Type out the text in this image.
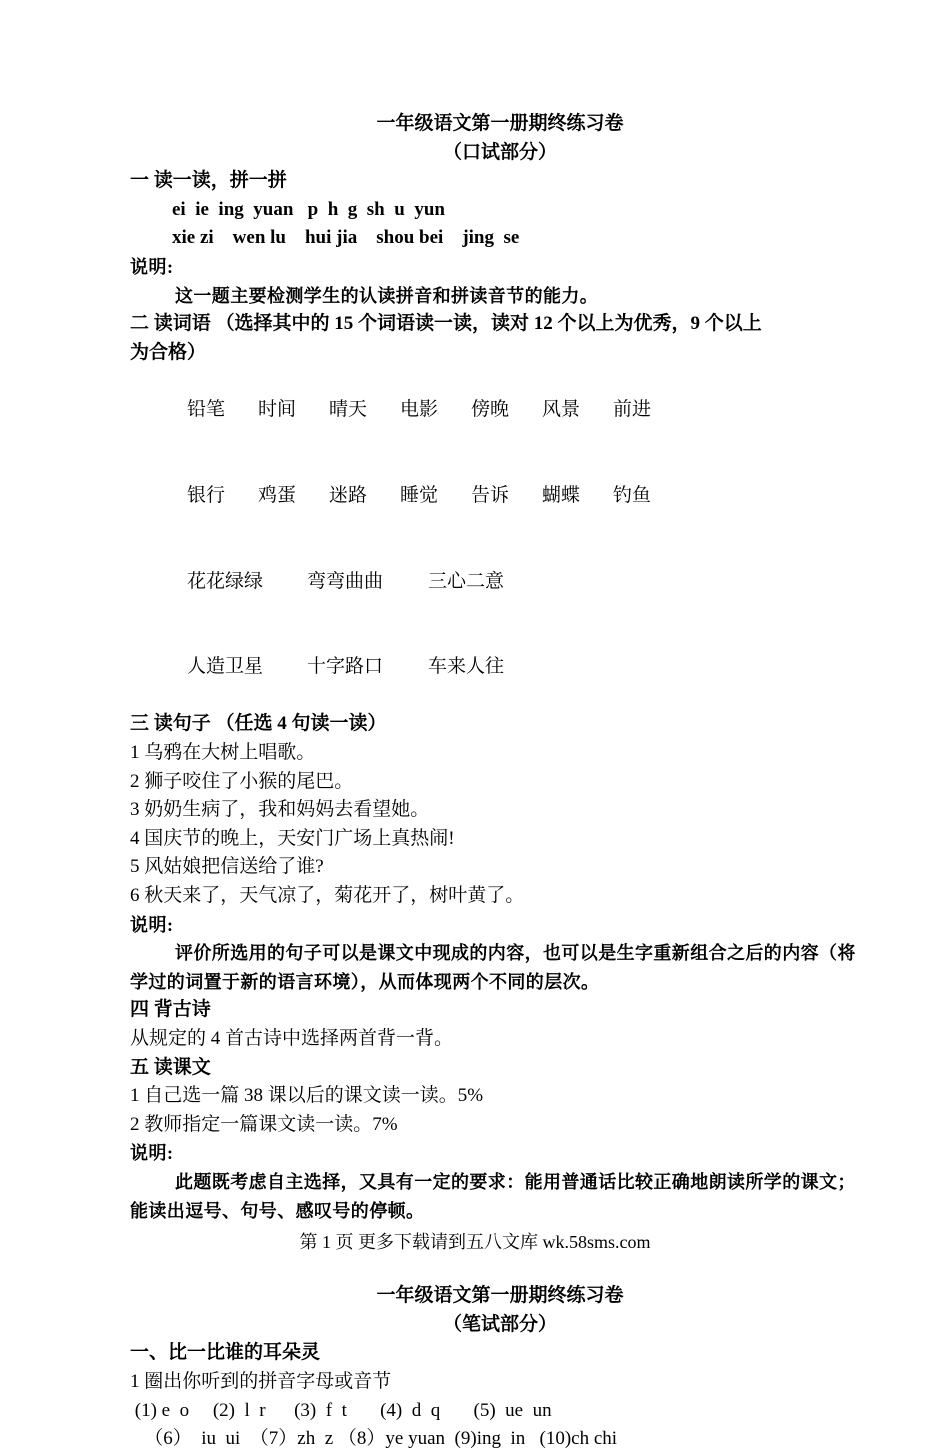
一年级语文第一册期终练习卷
（口试部分）
一 读一读，拼一拼
ei  ie  ing  yuan   p  h  g  sh  u  yun
xie zi    wen lu    hui jia    shou bei    jing  se
说明:
这一题主要检测学生的认读拼音和拼读音节的能力。
二 读词语 （选择其中的 15 个词语读一读，读对 12 个以上为优秀，9 个以上
为合格）

铅笔 时间 晴天 电影 傍晚 风景 前进

银行 鸡蛋 迷路 睡觉 告诉 蝴蝶 钓鱼

花花绿绿 弯弯曲曲 三心二意

人造卫星 十字路口 车来人往

三 读句子 （任选 4 句读一读）
1 乌鸦在大树上唱歌。
2 狮子咬住了小猴的尾巴。
3 奶奶生病了，我和妈妈去看望她。
4 国庆节的晚上，天安门广场上真热闹!
5 风姑娘把信送给了谁?
6 秋天来了，天气凉了，菊花开了，树叶黄了。
说明:
评价所选用的句子可以是课文中现成的内容，也可以是生字重新组合之后的内容（将学过的词置于新的语言环境），从而体现两个不同的层次。
四 背古诗
从规定的 4 首古诗中选择两首背一背。
五 读课文
1 自己选一篇 38 课以后的课文读一读。5%
2 教师指定一篇课文读一读。7%
说明:
此题既考虑自主选择，又具有一定的要求：能用普通话比较正确地朗读所学的课文；能读出逗号、句号、感叹号的停顿。
一年级语文第一册期终练习卷
（笔试部分）
一、比一比谁的耳朵灵
1 圈出你听到的拼音字母或音节
(1) e  o     (2)  l  r      (3)  f  t       (4)  d  q       (5)  ue  un
（6）  iu  ui  （7）zh  z （8）ye yuan  (9)ing  in   (10)ch chi
第 1 页 更多下载请到五八文库 wk.58sms.com
